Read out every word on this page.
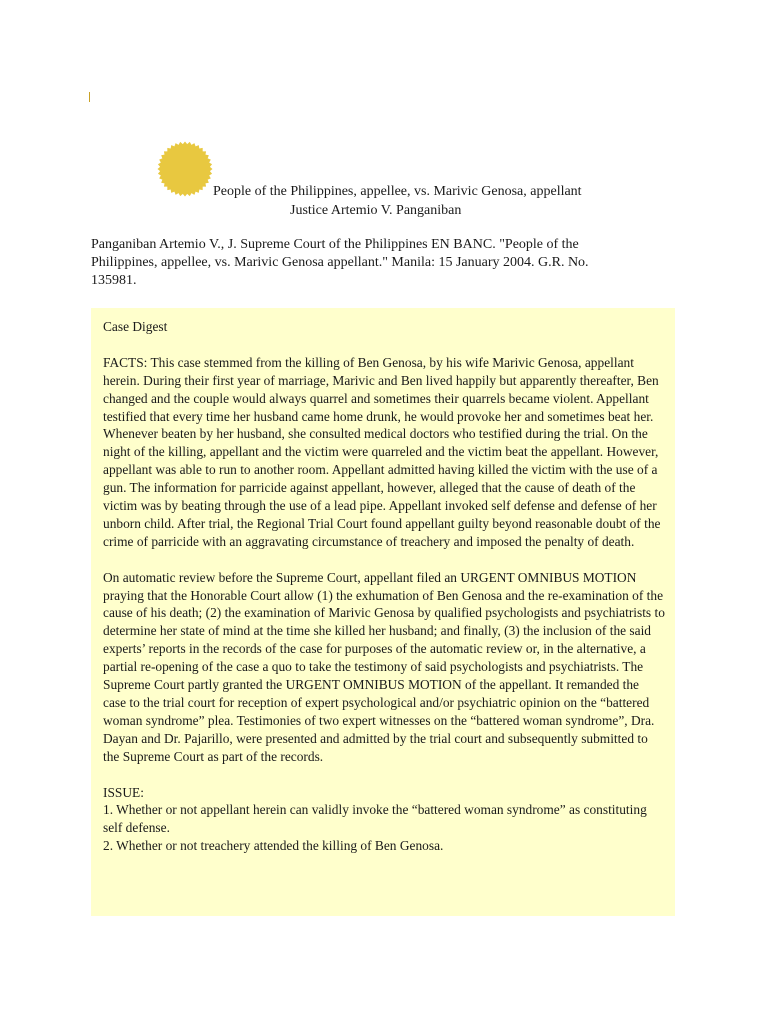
People of the Philippines, appellee, vs. Marivic Genosa, appellant
Justice Artemio V. Panganiban
Panganiban Artemio V., J. Supreme Court of the Philippines EN BANC. "People of the Philippines, appellee, vs. Marivic Genosa appellant." Manila: 15 January 2004. G.R. No. 135981.

Case Digest

FACTS: This case stemmed from the killing of Ben Genosa, by his wife Marivic Genosa, appellant herein. During their first year of marriage, Marivic and Ben lived happily but apparently thereafter, Ben changed and the couple would always quarrel and sometimes their quarrels became violent. Appellant testified that every time her husband came home drunk, he would provoke her and sometimes beat her. Whenever beaten by her husband, she consulted medical doctors who testified during the trial. On the night of the killing, appellant and the victim were quarreled and the victim beat the appellant. However, appellant was able to run to another room. Appellant admitted having killed the victim with the use of a gun. The information for parricide against appellant, however, alleged that the cause of death of the victim was by beating through the use of a lead pipe. Appellant invoked self defense and defense of her unborn child. After trial, the Regional Trial Court found appellant guilty beyond reasonable doubt of the crime of parricide with an aggravating circumstance of treachery and imposed the penalty of death.

On automatic review before the Supreme Court, appellant filed an URGENT OMNIBUS MOTION praying that the Honorable Court allow (1) the exhumation of Ben Genosa and the re-examination of the cause of his death; (2) the examination of Marivic Genosa by qualified psychologists and psychiatrists to determine her state of mind at the time she killed her husband; and finally, (3) the inclusion of the said experts’ reports in the records of the case for purposes of the automatic review or, in the alternative, a partial re-opening of the case a quo to take the testimony of said psychologists and psychiatrists. The Supreme Court partly granted the URGENT OMNIBUS MOTION of the appellant. It remanded the case to the trial court for reception of expert psychological and/or psychiatric opinion on the “battered woman syndrome” plea. Testimonies of two expert witnesses on the “battered woman syndrome”, Dra. Dayan and Dr. Pajarillo, were presented and admitted by the trial court and subsequently submitted to the Supreme Court as part of the records.

ISSUE:
1. Whether or not appellant herein can validly invoke the “battered woman syndrome” as constituting self defense.
2. Whether or not treachery attended the killing of Ben Genosa.
